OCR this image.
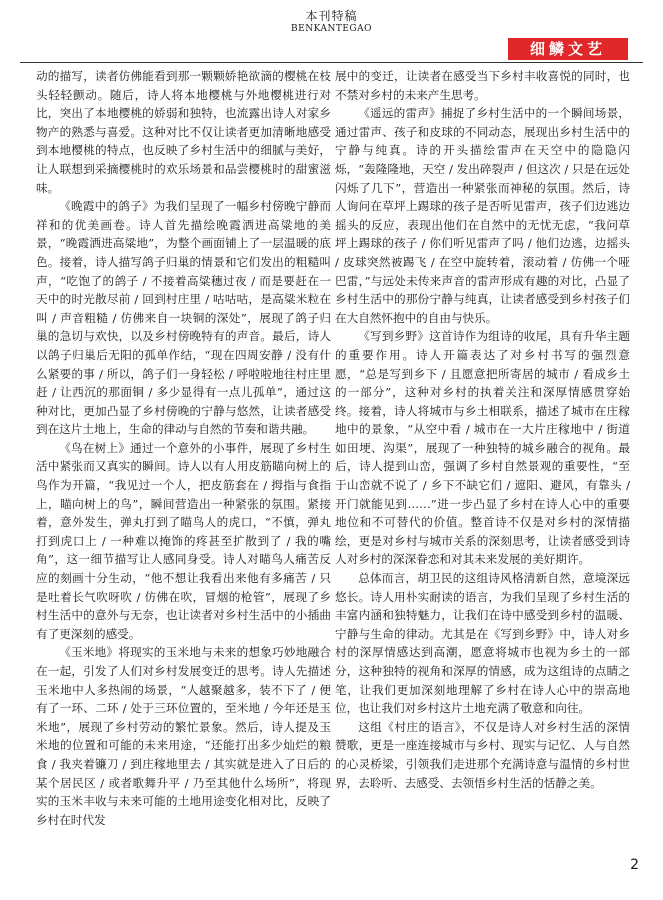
本刊特稿
BENKANTEGAO
细鳞文艺

动的描写，读者仿佛能看到那一颗颗娇艳欲滴的樱桃在枝头轻轻颤动。随后，诗人将本地樱桃与外地樱桃进行对比，突出了本地樱桃的娇弱和独特，也流露出诗人对家乡物产的熟悉与喜爱。这种对比不仅让读者更加清晰地感受到本地樱桃的特点，也反映了乡村生活中的细腻与美好，让人联想到采摘樱桃时的欢乐场景和品尝樱桃时的甜蜜滋味。

《晚霞中的鸽子》为我们呈现了一幅乡村傍晚宁静而祥和的优美画卷。诗人首先描绘晚霞洒进高粱地的美景，“晚霞洒进高粱地”，为整个画面铺上了一层温暖的底色。接着，诗人描写鸽子归巢的情景和它们发出的粗糙叫声，“吃饱了的鸽子 / 不接着高粱穗过夜 / 而是要赶在一天中的时光散尽前 / 回到村庄里 / 咕咕咕，是高粱米粒在叫 / 声音粗糙 / 仿佛来自一块铜的深处”，展现了鸽子归巢的急切与欢快，以及乡村傍晚特有的声音。最后，诗人以鸽子归巢后无阳的孤单作结，“现在四周安静 / 没有什么紧要的事 / 所以，鸽子们一身轻松 / 呼啦啦地往村庄里赶 / 让西沉的那面铜 / 多少显得有一点儿孤单”，通过这种对比，更加凸显了乡村傍晚的宁静与悠然，让读者感受到在这片土地上，生命的律动与自然的节奏和谐共融。

《鸟在树上》通过一个意外的小事件，展现了乡村生活中紧张而又真实的瞬间。诗人以有人用皮筋瞄向树上的鸟作为开篇，“我见过一个人，把皮筋套在 / 拇指与食指上，瞄向树上的鸟”，瞬间营造出一种紧张的氛围。紧接着，意外发生，弹丸打到了瞄鸟人的虎口，“不慎，弹丸打到虎口上 / 一种难以掩饰的疼甚至扩散到了 / 我的嘴角”，这一细节描写让人感同身受。诗人对瞄鸟人痛苦反应的刻画十分生动，“他不想让我看出来他有多痛苦 / 只是吐着长气吹呀吹 / 仿佛在吹，冒烟的枪管”，展现了乡村生活中的意外与无奈，也让读者对乡村生活中的小插曲有了更深刻的感受。

《玉米地》将现实的玉米地与未来的想象巧妙地融合在一起，引发了人们对乡村发展变迁的思考。诗人先描述玉米地中人多热闹的场景，“人越聚越多，装不下了 / 便有了一环、二环 / 处于三环位置的，至米地 / 今年还是玉米地”，展现了乡村劳动的繁忙景象。然后，诗人提及玉米地的位置和可能的未来用途，“还能打出多少灿烂的粮食 / 我夹着镰刀 / 到庄稼地里去 / 其实就是进入了日后的某个居民区 / 或者歌舞升平 / 乃至其他什么场所”，将现实的玉米丰收与未来可能的土地用途变化相对比，反映了乡村在时代发

展中的变迁，让读者在感受当下乡村丰收喜悦的同时，也不禁对乡村的未来产生思考。

《遥远的雷声》捕捉了乡村生活中的一个瞬间场景，通过雷声、孩子和皮球的不同动态，展现出乡村生活中的宁静与纯真。诗的开头描绘雷声在天空中的隐隐闪烁，“轰隆隆地，天空 / 发出碎裂声 / 但这次 / 只是在远处闪烁了几下”，营造出一种紧张而神秘的氛围。然后，诗人询问在草坪上踢球的孩子是否听见雷声，孩子们边逃边摇头的反应，表现出他们在自然中的无忧无虑，“我问草坪上踢球的孩子 / 你们听见雷声了吗 / 他们边逃，边摇头 / 皮球突然被踢飞 / 在空中旋转着，滚动着 / 仿佛一个哑巴雷，”与远处未传来声音的雷声形成有趣的对比，凸显了乡村生活中的那份宁静与纯真，让读者感受到乡村孩子们在大自然怀抱中的自由与快乐。

《写到乡野》这首诗作为组诗的收尾，具有升华主题的重要作用。诗人开篇表达了对乡村书写的强烈意愿，“总是写到乡下 / 且愿意把所寄居的城市 / 看成乡土的一部分”，这种对乡村的执着关注和深厚情感贯穿始终。接着，诗人将城市与乡土相联系，描述了城市在庄稼地中的景象，“从空中看 / 城市在一大片庄稼地中 / 街道如田埂、沟渠”，展现了一种独特的城乡融合的视角。最后，诗人提到山峦，强调了乡村自然景观的重要性，“至于山峦就不说了 / 乡下不缺它们 / 遮阳、避风，有靠头 / 开门就能见到……”进一步凸显了乡村在诗人心中的重要地位和不可替代的价值。整首诗不仅是对乡村的深情描绘，更是对乡村与城市关系的深刻思考，让读者感受到诗人对乡村的深深眷恋和对其未来发展的美好期许。

总体而言，胡卫民的这组诗风格清新自然，意境深远悠长。诗人用朴实耐读的语言，为我们呈现了乡村生活的丰富内涵和独特魅力，让我们在诗中感受到乡村的温暖、宁静与生命的律动。尤其是在《写到乡野》中，诗人对乡村的深厚情感达到高潮，愿意将城市也视为乡土的一部分，这种独特的视角和深厚的情感，成为这组诗的点睛之笔，让我们更加深刻地理解了乡村在诗人心中的崇高地位，也让我们对乡村这片土地充满了敬意和向往。

这组《村庄的语言》，不仅是诗人对乡村生活的深情赞歌，更是一座连接城市与乡村、现实与记忆、人与自然的心灵桥梁，引领我们走进那个充满诗意与温情的乡村世界，去聆听、去感受、去领悟乡村生活的恬静之美。

2
